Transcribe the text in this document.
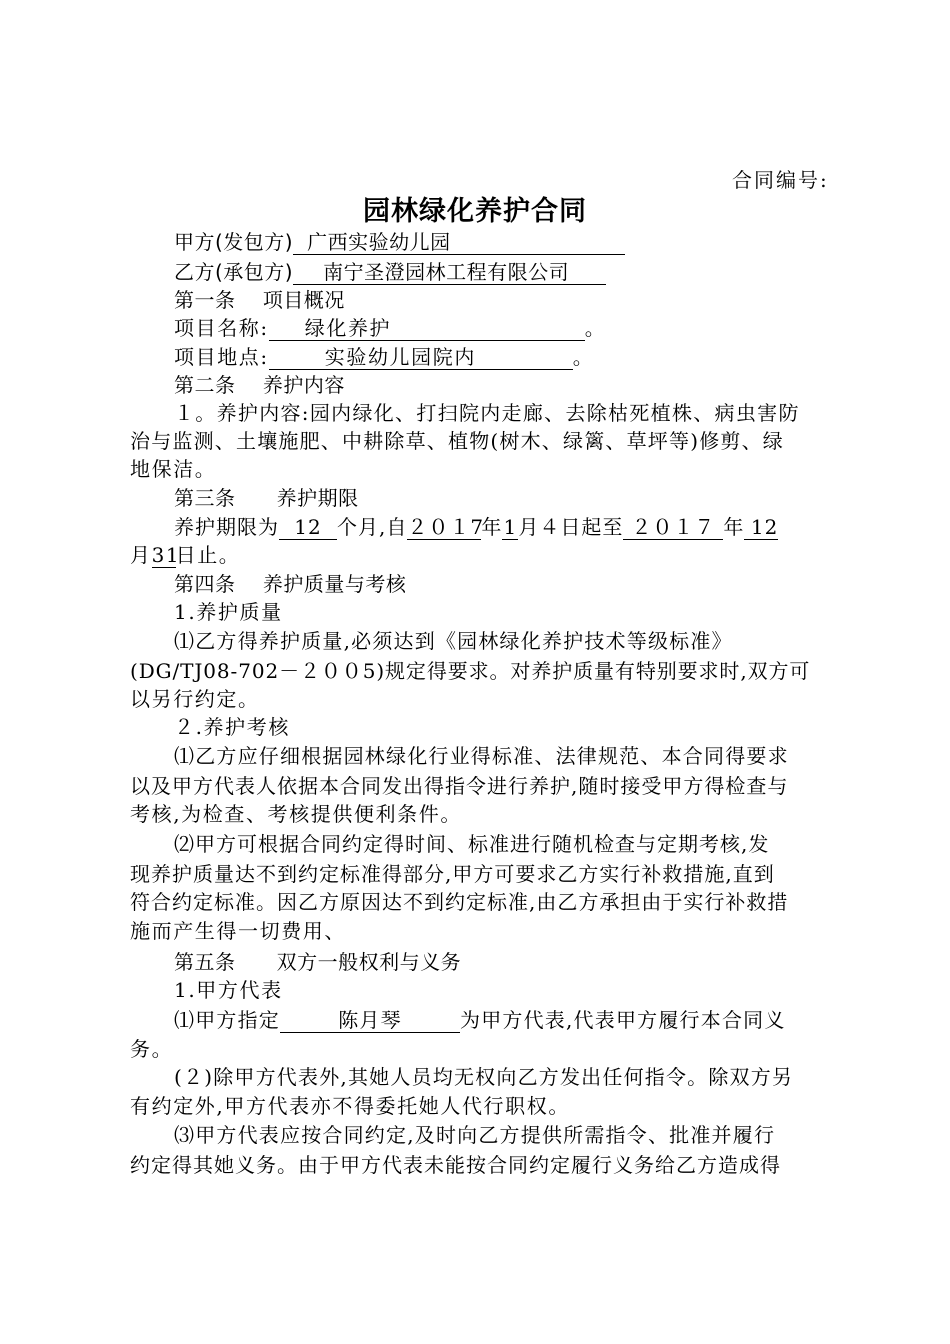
合同编号:
园林绿化养护合同
甲方(发包方) 广西实验幼儿园
乙方(承包方) 南宁圣澄园林工程有限公司
第一条    项目概况
项目名称: 绿化养护	。
项目地点:	实验幼儿园院内	。
第二条    养护内容
１。养护内容:园内绿化、打扫院内走廊、去除枯死植株、病虫害防
治与监测、土壤施肥、中耕除草、植物(树木、绿篱、草坪等)修剪、绿
地保洁。
第三条      养护期限
养护期限为 12 个月,自２０１7年1月４日起至 ２０１７ 年 12
月31日止。
第四条    养护质量与考核
1.养护质量
⑴乙方得养护质量,必须达到《园林绿化养护技术等级标准》
(DG/TJ08-702－２００5)规定得要求。对养护质量有特别要求时,双方可
以另行约定。
２.养护考核
⑴乙方应仔细根据园林绿化行业得标准、法律规范、本合同得要求
以及甲方代表人依据本合同发出得指令进行养护,随时接受甲方得检查与
考核,为检查、考核提供便利条件。
⑵甲方可根据合同约定得时间、标准进行随机检查与定期考核,发
现养护质量达不到约定标准得部分,甲方可要求乙方实行补救措施,直到
符合约定标准。因乙方原因达不到约定标准,由乙方承担由于实行补救措
施而产生得一切费用、
第五条      双方一般权利与义务
1.甲方代表
⑴甲方指定	陈月琴	为甲方代表,代表甲方履行本合同义
务。
(２)除甲方代表外,其她人员均无权向乙方发出任何指令。除双方另
有约定外,甲方代表亦不得委托她人代行职权。
⑶甲方代表应按合同约定,及时向乙方提供所需指令、批准并履行
约定得其她义务。由于甲方代表未能按合同约定履行义务给乙方造成得
